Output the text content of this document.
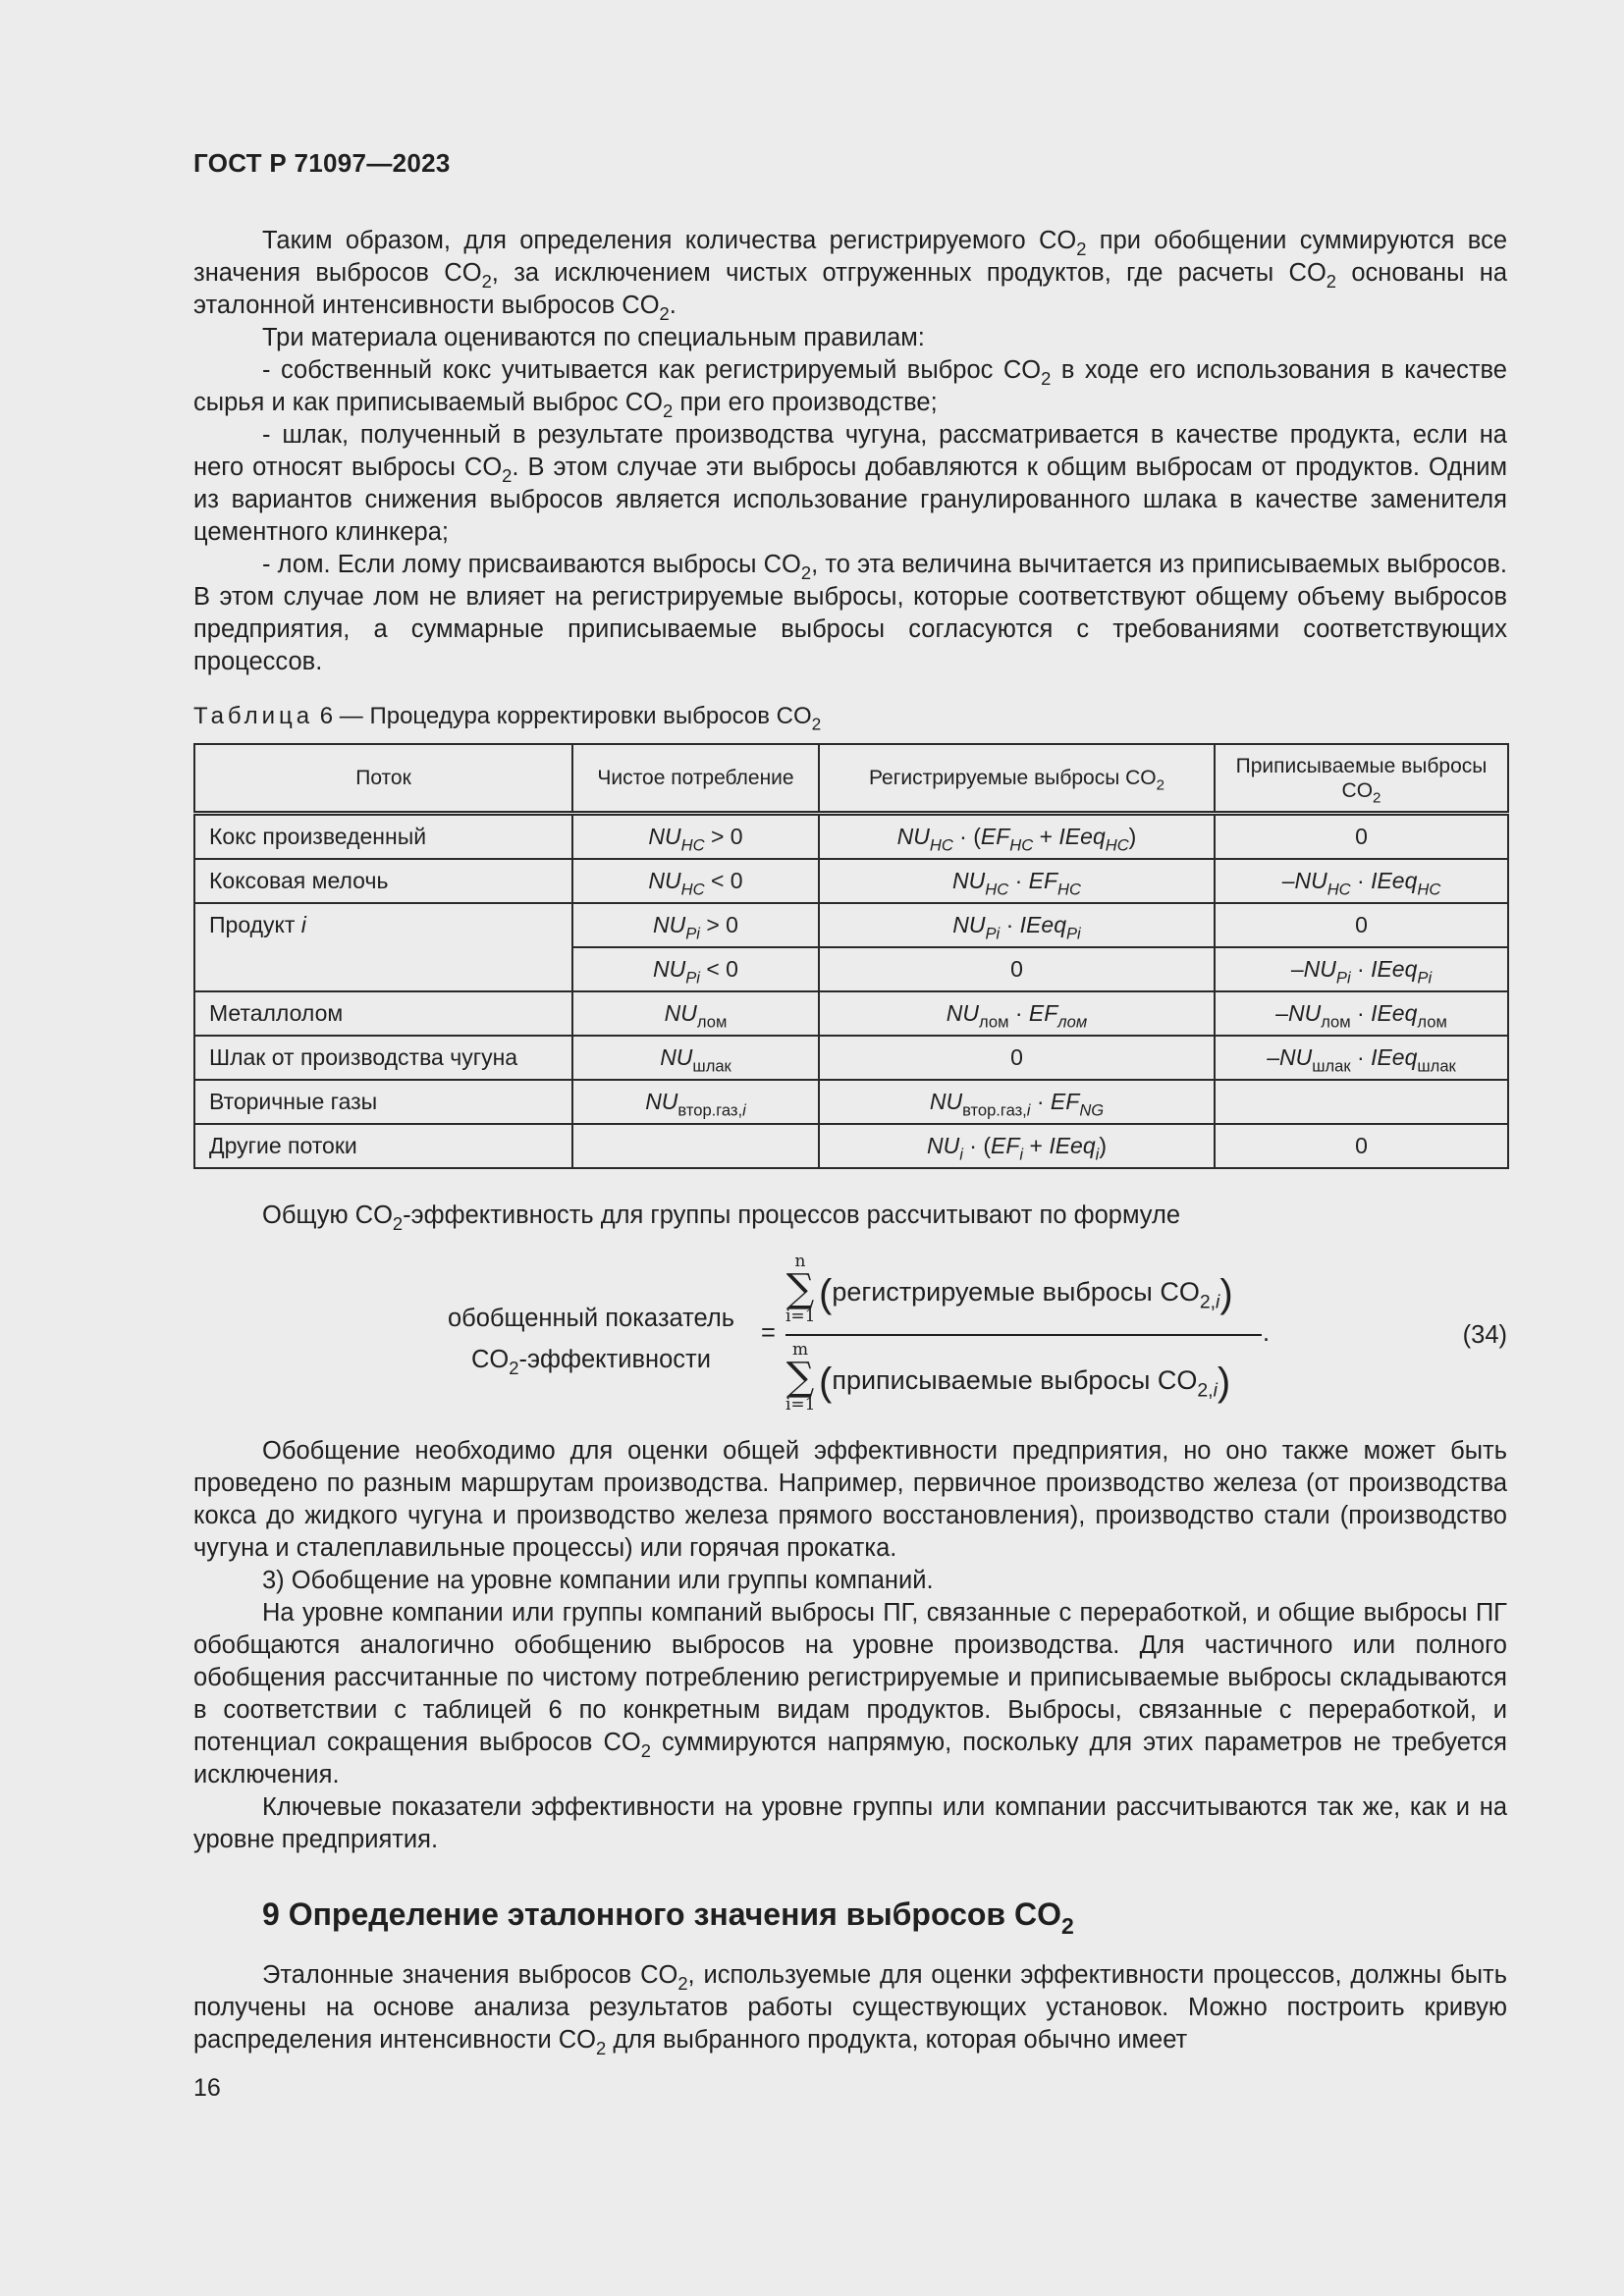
ГОСТ Р 71097—2023

Таким образом, для определения количества регистрируемого $CO_2$ при обобщении суммируются все значения выбросов $CO_2$, за исключением чистых отгруженных продуктов, где расчеты $CO_2$ основаны на эталонной интенсивности выбросов $CO_2$.

Три материала оцениваются по специальным правилам:

- собственный кокс учитывается как регистрируемый выброс $CO_2$ в ходе его использования в качестве сырья и как приписываемый выброс $CO_2$ при его производстве;

- шлак, полученный в результате производства чугуна, рассматривается в качестве продукта, если на него относят выбросы $CO_2$. В этом случае эти выбросы добавляются к общим выбросам от продуктов. Одним из вариантов снижения выбросов является использование гранулированного шлака в качестве заменителя цементного клинкера;

- лом. Если лому присваиваются выбросы $CO_2$, то эта величина вычитается из приписываемых выбросов. В этом случае лом не влияет на регистрируемые выбросы, которые соответствуют общему объему выбросов предприятия, а суммарные приписываемые выбросы согласуются с требованиями соответствующих процессов.

Таблица 6 — Процедура корректировки выбросов $CO_2$
Поток	Чистое потребление	Регистрируемые выбросы $CO_2$	Приписываемые выбросы $CO_2$
Кокс произведенный	$NU_{HC} > 0$	$NU_{HC} \cdot (EF_{HC}$ + IEeq$_{HC}$)	0
Коксовая мелочь	$NU_{HC} < 0$	$NU_{HC} \cdot EF_{HC}$	$-NU_{HC}$ · IEeq$_{HC}$
Продукт i	$NU_{Pi} > 0$	$NU_{Pi}$ · IEeq$_{Pi}$	0
	$NU_{Pi} < 0$	0	$-NU_{Pi}$ · IEeq$_{Pi}$
Металлолом	$NU_{лом}$	$NU_{лом} \cdot EF_{лом}$	$-NU_{лом}$ · IEeq$_{лом}$
Шлак от производства чугуна	$NU_{шлак}$	0	$-NU_{шлак}$ · IEeq$_{шлак}$
Вторичные газы	$NU_{втор.газ,i}$	$NU_{втор.газ,i} \cdot EF_{NG}$	
Другие потоки		$NU_i \cdot (EF_i$ + IEeq$_i$)	0

Общую $CO_2$-эффективность для группы процессов рассчитывают по формуле

обобщенный показатель
$CO_2$-эффективности
=
n
∑
i=1
(регистрируемые выбросы $CO_{2,i}$)
m
∑
i=1
(приписываемые выбросы $CO_{2,i}$)
.	(34)

Обобщение необходимо для оценки общей эффективности предприятия, но оно также может быть проведено по разным маршрутам производства. Например, первичное производство железа (от производства кокса до жидкого чугуна и производство железа прямого восстановления), производство стали (производство чугуна и сталеплавильные процессы) или горячая прокатка.

3) Обобщение на уровне компании или группы компаний.

На уровне компании или группы компаний выбросы ПГ, связанные с переработкой, и общие выбросы ПГ обобщаются аналогично обобщению выбросов на уровне производства. Для частичного или полного обобщения рассчитанные по чистому потреблению регистрируемые и приписываемые выбросы складываются в соответствии с таблицей 6 по конкретным видам продуктов. Выбросы, связанные с переработкой, и потенциал сокращения выбросов $CO_2$ суммируются напрямую, поскольку для этих параметров не требуется исключения.

Ключевые показатели эффективности на уровне группы или компании рассчитываются так же, как и на уровне предприятия.

9 Определение эталонного значения выбросов $CO_2$

Эталонные значения выбросов $CO_2$, используемые для оценки эффективности процессов, должны быть получены на основе анализа результатов работы существующих установок. Можно построить кривую распределения интенсивности $CO_2$ для выбранного продукта, которая обычно имеет

16
